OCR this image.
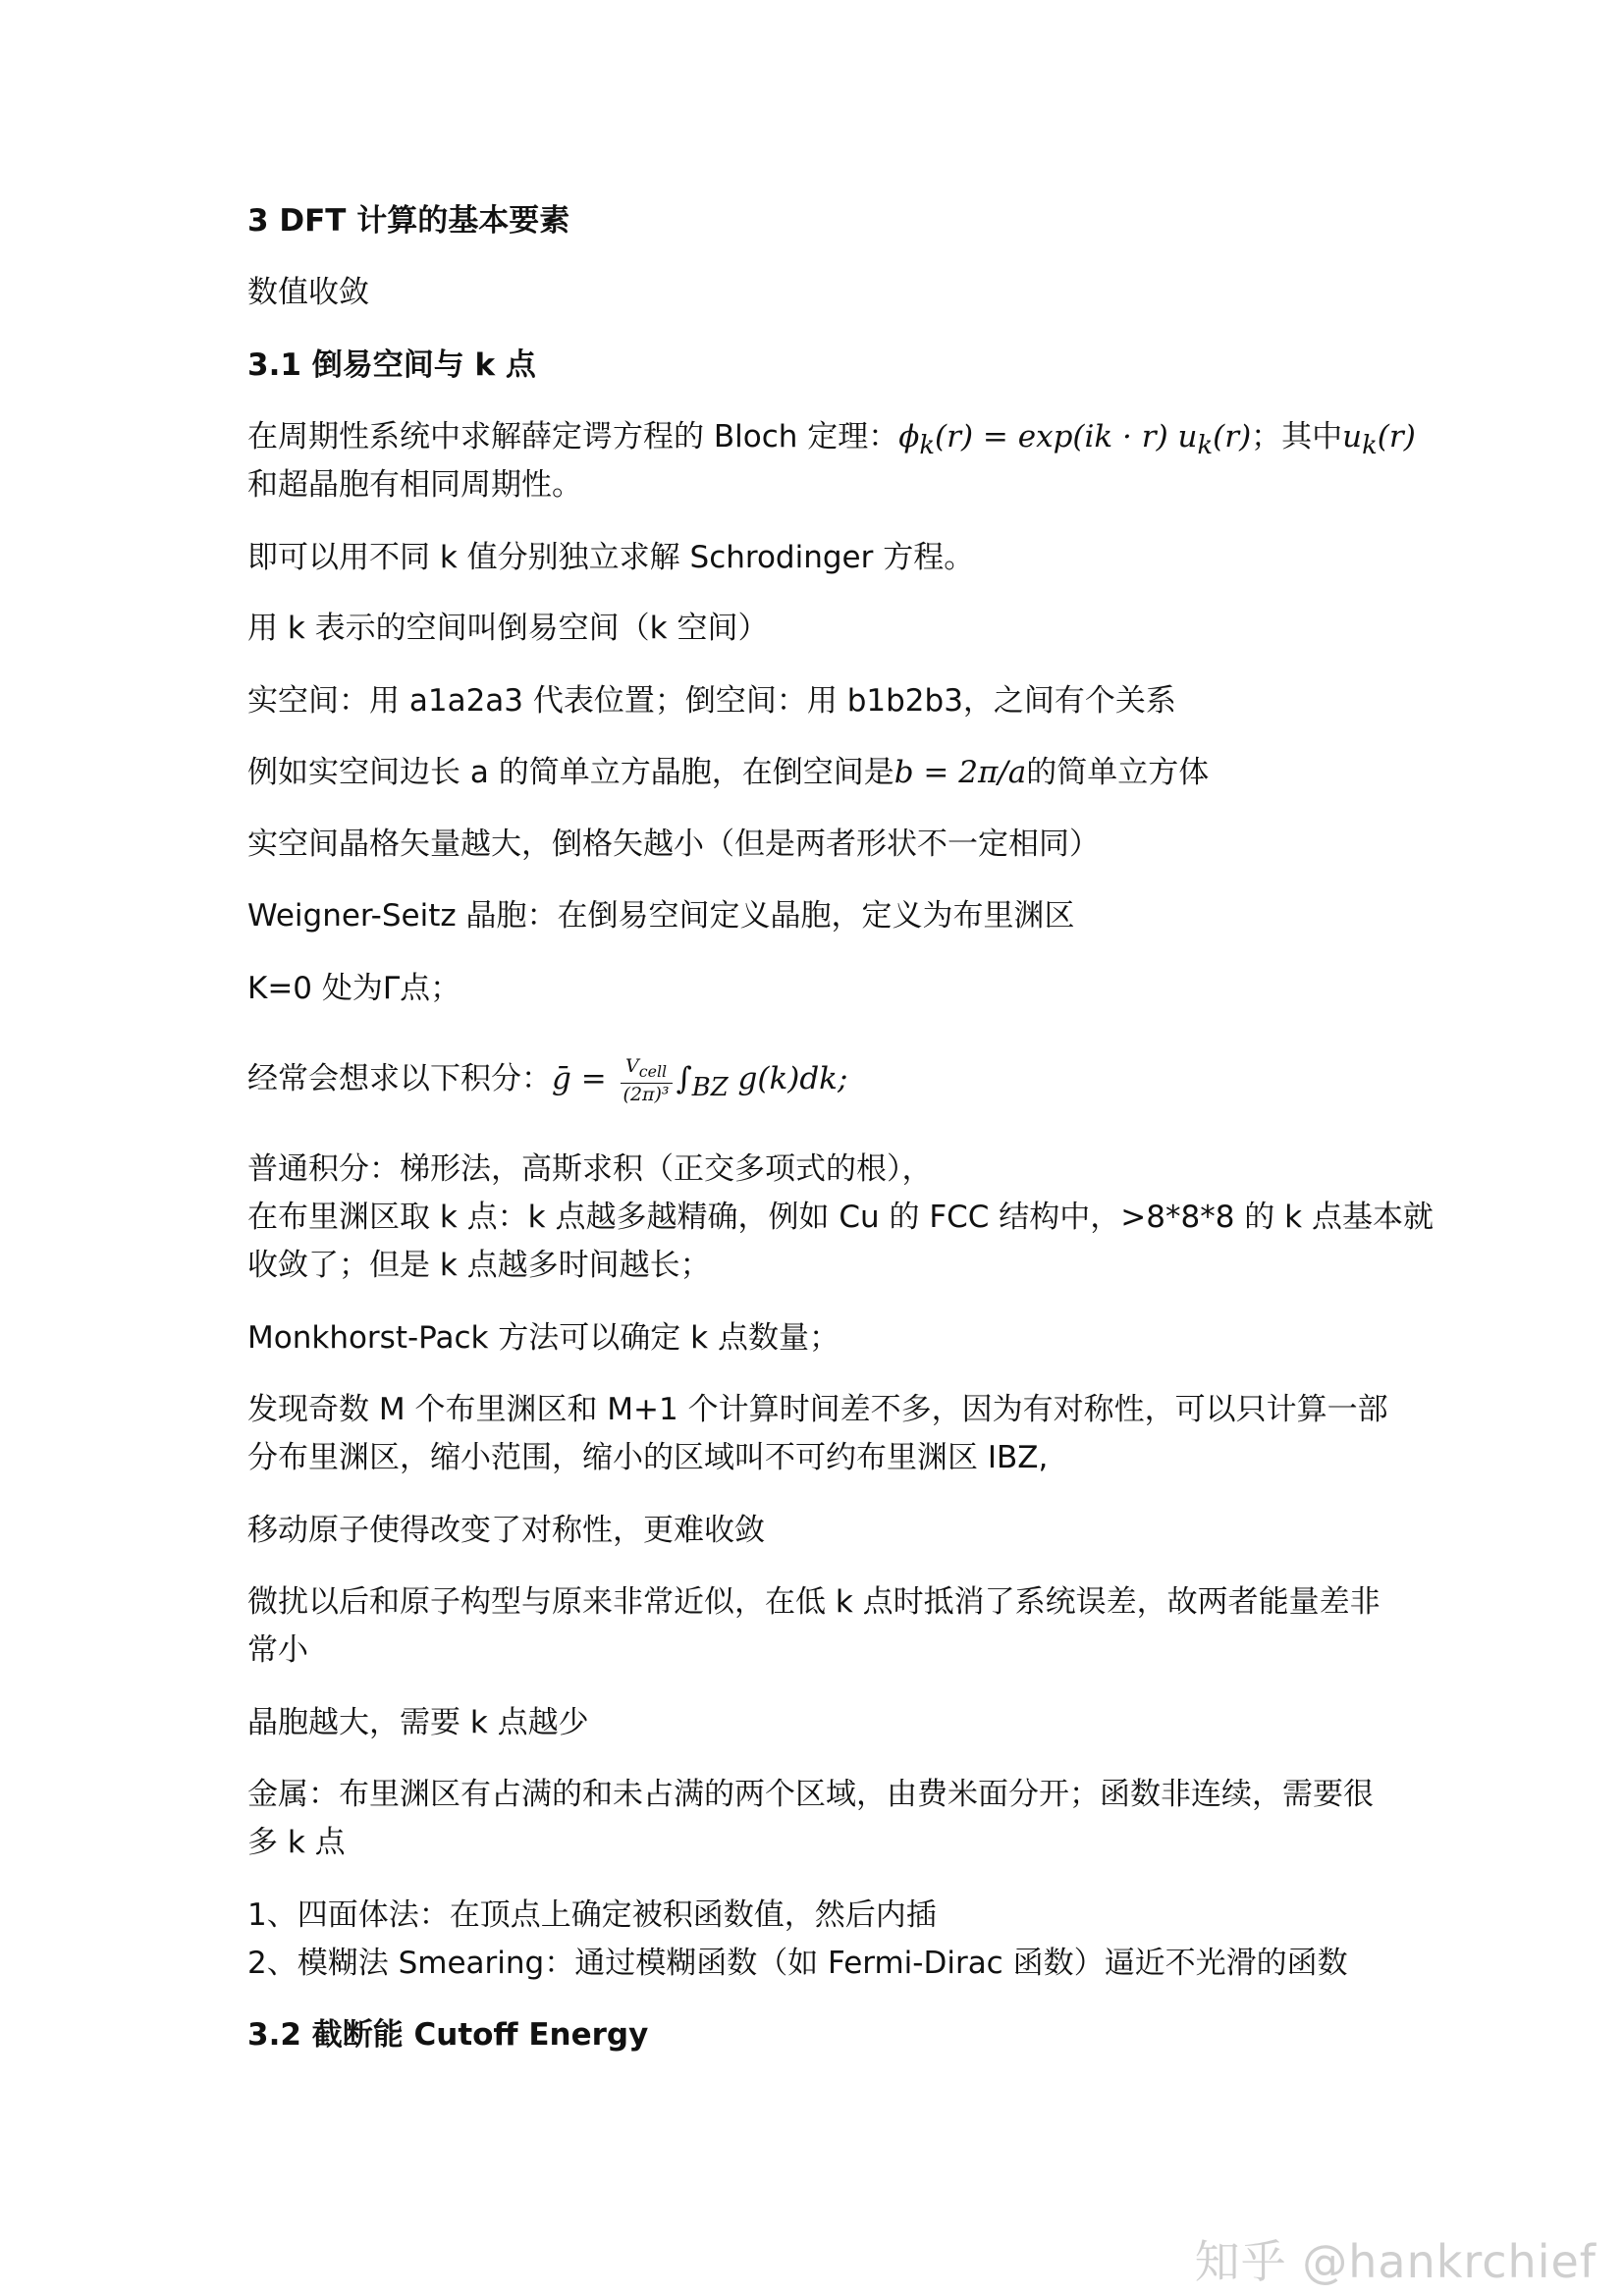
3 DFT 计算的基本要素
数值收敛
3.1 倒易空间与 k 点
在周期性系统中求解薛定谔方程的 Bloch 定理：$\phi_k(r) = \exp(ik \cdot r)$ $u_k(r)$；其中$u_k(r)$
和超晶胞有相同周期性。
即可以用不同 k 值分别独立求解 Schrodinger 方程。
用 k 表示的空间叫倒易空间（k 空间）
实空间：用 a1a2a3 代表位置；倒空间：用 b1b2b3，之间有个关系
例如实空间边长 a 的简单立方晶胞，在倒空间是b = 2π/a的简单立方体
实空间晶格矢量越大，倒格矢越小（但是两者形状不一定相同）
Weigner-Seitz 晶胞：在倒易空间定义晶胞，定义为布里渊区
K=0 处为Γ点；
经常会想求以下积分：ḡ = $\frac{V_{cell}}{\text{(2π)³}} \int_{BZ}$ g(k)dk;
普通积分：梯形法，高斯求积（正交多项式的根），
在布里渊区取 k 点：k 点越多越精确，例如 Cu 的 FCC 结构中，>8*8*8 的 k 点基本就
收敛了；但是 k 点越多时间越长；
Monkhorst-Pack 方法可以确定 k 点数量；
发现奇数 M 个布里渊区和 M+1 个计算时间差不多，因为有对称性，可以只计算一部
分布里渊区，缩小范围，缩小的区域叫不可约布里渊区 IBZ,
移动原子使得改变了对称性，更难收敛
微扰以后和原子构型与原来非常近似，在低 k 点时抵消了系统误差，故两者能量差非
常小
晶胞越大，需要 k 点越少
金属：布里渊区有占满的和未占满的两个区域，由费米面分开；函数非连续，需要很
多 k 点
1、四面体法：在顶点上确定被积函数值，然后内插
2、模糊法 Smearing：通过模糊函数（如 Fermi-Dirac 函数）逼近不光滑的函数
3.2 截断能 Cutoff Energy
知乎 @hankrchief
